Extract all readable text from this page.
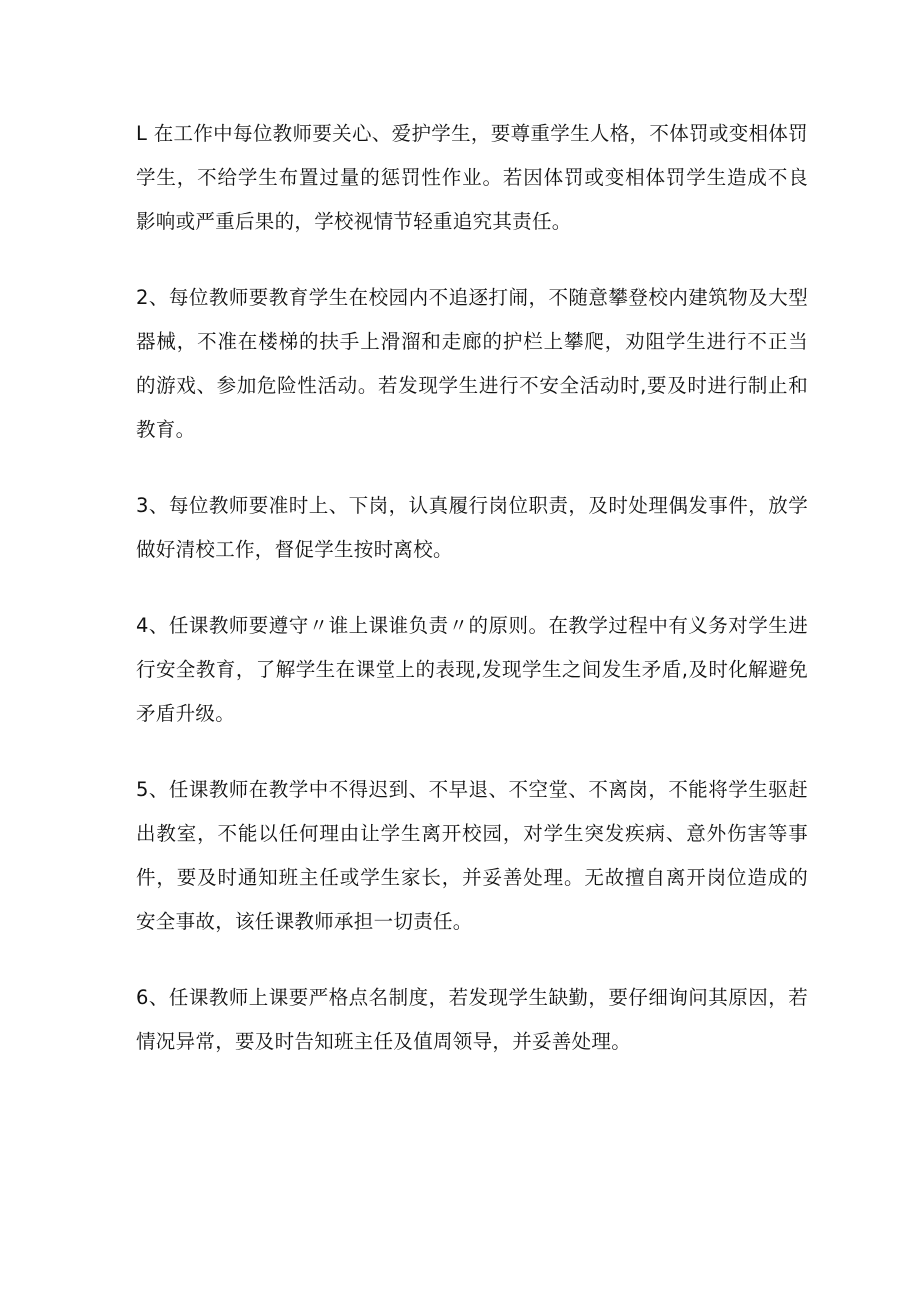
L 在工作中每位教师要关心、爱护学生，要尊重学生人格，不体罚或变相体罚学生，不给学生布置过量的惩罚性作业。若因体罚或变相体罚学生造成不良影响或严重后果的，学校视情节轻重追究其责任。

2、每位教师要教育学生在校园内不追逐打闹，不随意攀登校内建筑物及大型器械，不准在楼梯的扶手上滑溜和走廊的护栏上攀爬，劝阻学生进行不正当的游戏、参加危险性活动。若发现学生进行不安全活动时,要及时进行制止和教育。

3、每位教师要准时上、下岗，认真履行岗位职责，及时处理偶发事件，放学做好清校工作，督促学生按时离校。

4、任课教师要遵守〃谁上课谁负责〃的原则。在教学过程中有义务对学生进行安全教育，了解学生在课堂上的表现,发现学生之间发生矛盾,及时化解避免矛盾升级。

5、任课教师在教学中不得迟到、不早退、不空堂、不离岗，不能将学生驱赶出教室，不能以任何理由让学生离开校园，对学生突发疾病、意外伤害等事件，要及时通知班主任或学生家长，并妥善处理。无故擅自离开岗位造成的安全事故，该任课教师承担一切责任。

6、任课教师上课要严格点名制度，若发现学生缺勤，要仔细询问其原因，若情况异常，要及时告知班主任及值周领导，并妥善处理。
